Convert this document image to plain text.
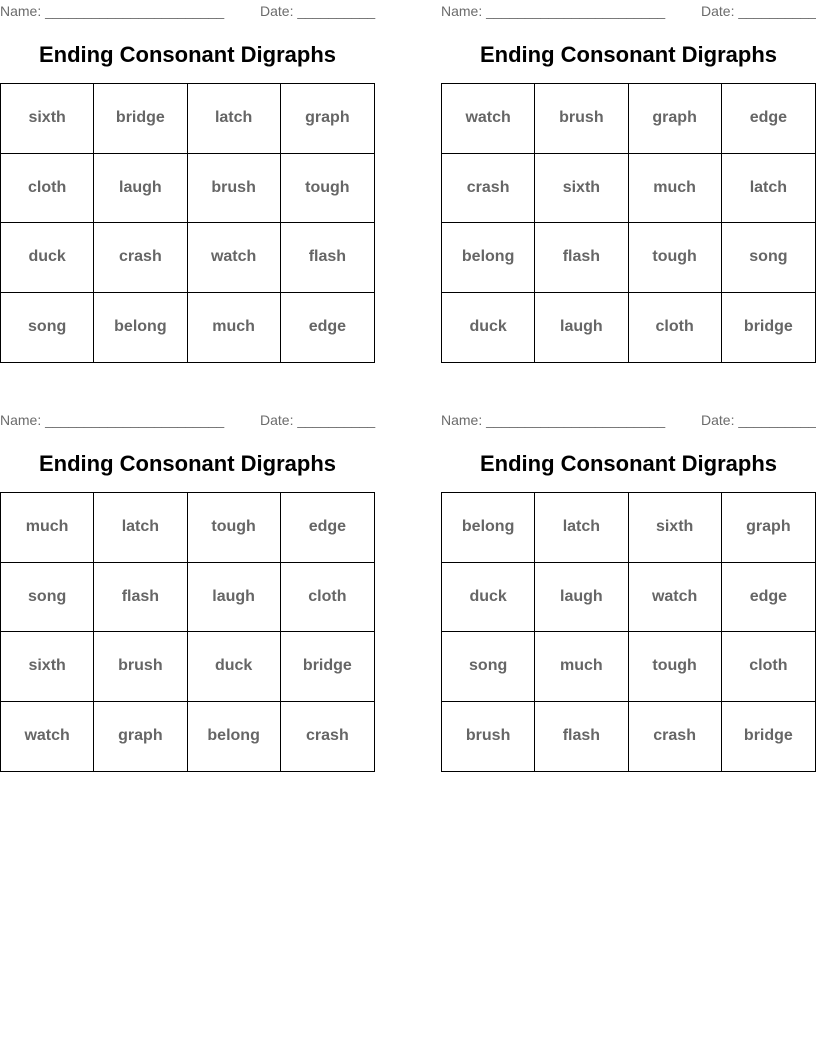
Name: _______________________	Date: __________
Ending Consonant Digraphs
sixth	bridge	latch	graph
cloth	laugh	brush	tough
duck	crash	watch	flash
song	belong	much	edge
Name: _______________________	Date: __________
Ending Consonant Digraphs
watch	brush	graph	edge
crash	sixth	much	latch
belong	flash	tough	song
duck	laugh	cloth	bridge
Name: _______________________	Date: __________
Ending Consonant Digraphs
much	latch	tough	edge
song	flash	laugh	cloth
sixth	brush	duck	bridge
watch	graph	belong	crash
Name: _______________________	Date: __________
Ending Consonant Digraphs
belong	latch	sixth	graph
duck	laugh	watch	edge
song	much	tough	cloth
brush	flash	crash	bridge
